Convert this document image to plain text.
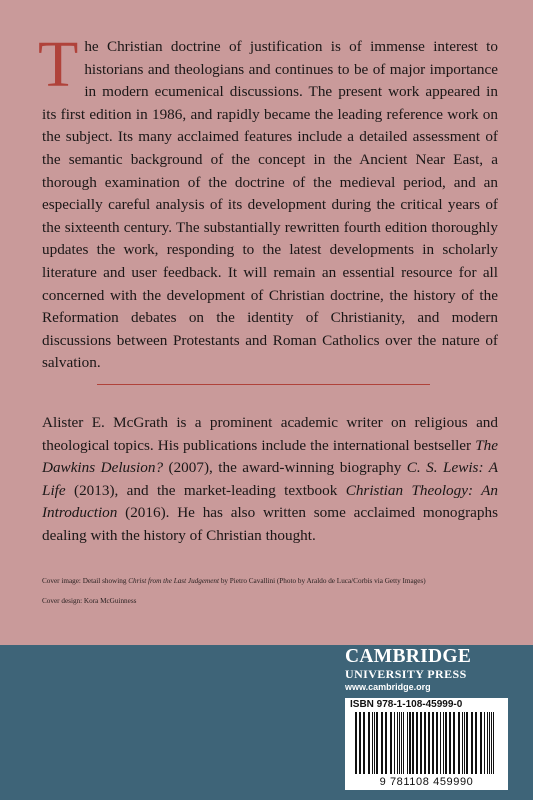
The Christian doctrine of justification is of immense interest to historians and theologians and continues to be of major importance in modern ecumenical discussions. The present work appeared in its first edition in 1986, and rapidly became the leading reference work on the subject. Its many acclaimed features include a detailed assessment of the semantic background of the concept in the Ancient Near East, a thorough examination of the doctrine of the medieval period, and an especially careful analysis of its development during the critical years of the sixteenth century. The substantially rewritten fourth edition thoroughly updates the work, responding to the latest developments in scholarly literature and user feedback. It will remain an essential resource for all concerned with the development of Christian doctrine, the history of the Reformation debates on the identity of Christianity, and modern discussions between Protestants and Roman Catholics over the nature of salvation.
Alister E. McGrath is a prominent academic writer on religious and theological topics. His publications include the international bestseller The Dawkins Delusion? (2007), the award-winning biography C. S. Lewis: A Life (2013), and the market-leading textbook Christian Theology: An Introduction (2016). He has also written some acclaimed monographs dealing with the history of Christian thought.
Cover image: Detail showing Christ from the Last Judgement by Pietro Cavallini (Photo by Araldo de Luca/Corbis via Getty Images)
Cover design: Kora McGuinness
CAMBRIDGE
UNIVERSITY PRESS
www.cambridge.org
ISBN 978-1-108-45999-0
9 781108 459990
